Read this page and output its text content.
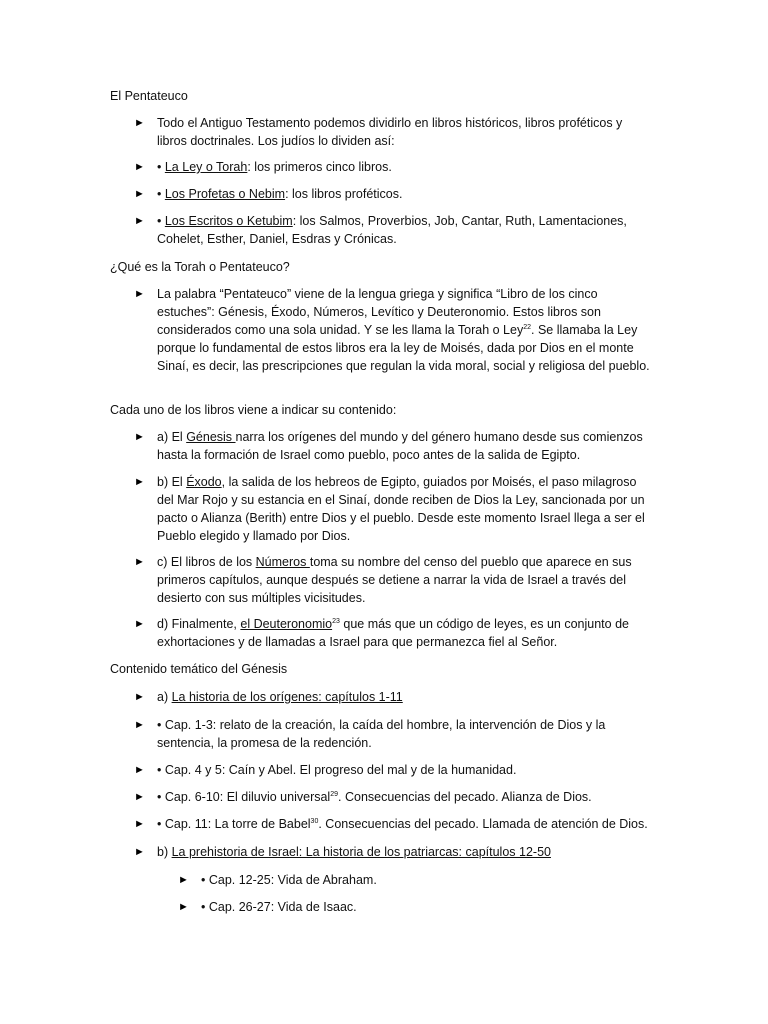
El Pentateuco
► Todo el Antiguo Testamento podemos dividirlo en libros históricos, libros proféticos y libros doctrinales. Los judíos lo dividen así:
► • La Ley o Torah: los primeros cinco libros.
► • Los Profetas o Nebim: los libros proféticos.
► • Los Escritos o Ketubim: los Salmos, Proverbios, Job, Cantar, Ruth, Lamentaciones, Cohelet, Esther, Daniel, Esdras y Crónicas.
¿Qué es la Torah o Pentateuco?
► La palabra “Pentateuco” viene de la lengua griega y significa “Libro de los cinco estuches”: Génesis, Éxodo, Números, Levítico y Deuteronomio. Estos libros son considerados como una sola unidad. Y se les llama la Torah o Ley$^{22}$. Se llamaba la Ley porque lo fundamental de estos libros era la ley de Moisés, dada por Dios en el monte Sinaí, es decir, las prescripciones que regulan la vida moral, social y religiosa del pueblo.
Cada uno de los libros viene a indicar su contenido:
► a) El Génesis narra los orígenes del mundo y del género humano desde sus comienzos hasta la formación de Israel como pueblo, poco antes de la salida de Egipto.
► b) El Éxodo, la salida de los hebreos de Egipto, guiados por Moisés, el paso milagroso del Mar Rojo y su estancia en el Sinaí, donde reciben de Dios la Ley, sancionada por un pacto o Alianza (Berith) entre Dios y el pueblo. Desde este momento Israel llega a ser el Pueblo elegido y llamado por Dios.
► c) El libros de los Números toma su nombre del censo del pueblo que aparece en sus primeros capítulos, aunque después se detiene a narrar la vida de Israel a través del desierto con sus múltiples vicisitudes.
► d) Finalmente, el Deuteronomio$^{23}$ que más que un código de leyes, es un conjunto de exhortaciones y de llamadas a Israel para que permanezca fiel al Señor.
Contenido temático del Génesis
► a) La historia de los orígenes: capítulos 1-11
► • Cap. 1-3: relato de la creación, la caída del hombre, la intervención de Dios y la sentencia, la promesa de la redención.
► • Cap. 4 y 5: Caín y Abel. El progreso del mal y de la humanidad.
► • Cap. 6-10: El diluvio universal$^{29}$. Consecuencias del pecado. Alianza de Dios.
► • Cap. 11: La torre de Babel$^{30}$. Consecuencias del pecado. Llamada de atención de Dios.
► b) La prehistoria de Israel: La historia de los patriarcas: capítulos 12-50
► • Cap. 12-25: Vida de Abraham.
► • Cap. 26-27: Vida de Isaac.
